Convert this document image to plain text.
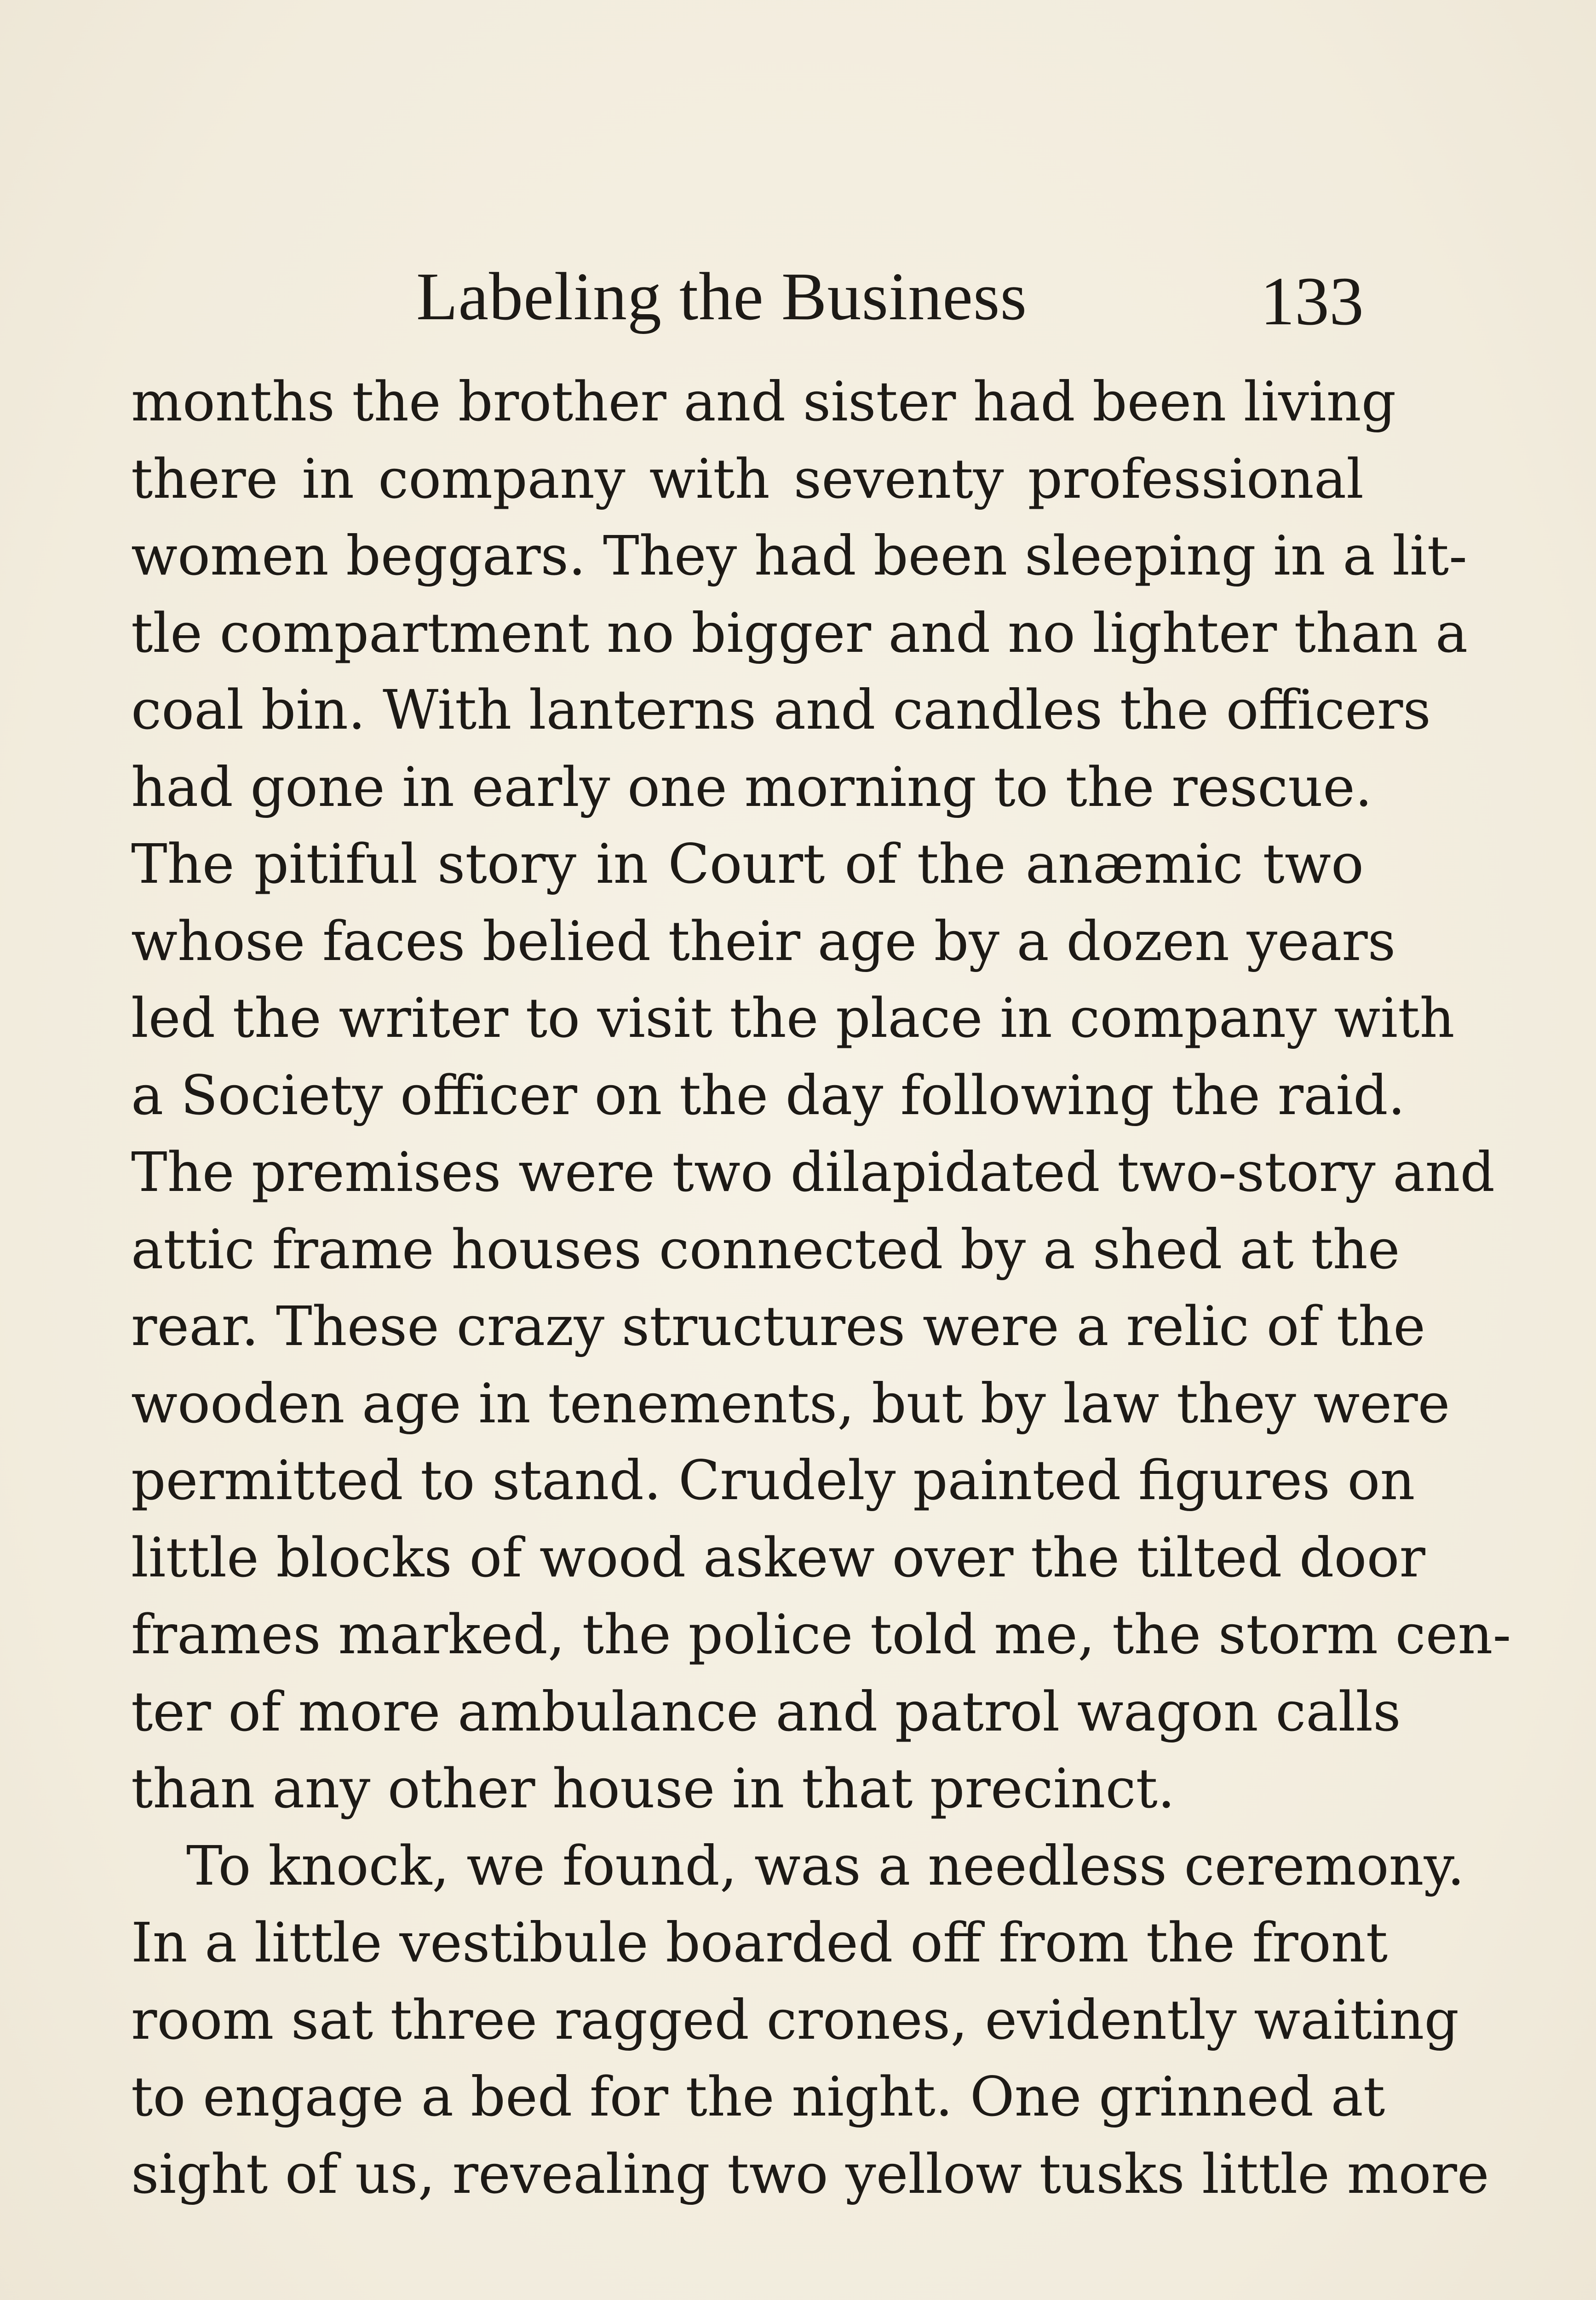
Labeling the Business	133
months the brother and sister had been living
there in company with seventy professional
women beggars. They had been sleeping in a lit-
tle compartment no bigger and no lighter than a
coal bin. With lanterns and candles the officers
had gone in early one morning to the rescue.
The pitiful story in Court of the anæmic two
whose faces belied their age by a dozen years
led the writer to visit the place in company with
a Society officer on the day following the raid.
The premises were two dilapidated two-story and
attic frame houses connected by a shed at the
rear. These crazy structures were a relic of the
wooden age in tenements, but by law they were
permitted to stand. Crudely painted figures on
little blocks of wood askew over the tilted door
frames marked, the police told me, the storm cen-
ter of more ambulance and patrol wagon calls
than any other house in that precinct.
To knock, we found, was a needless ceremony.
In a little vestibule boarded off from the front
room sat three ragged crones, evidently waiting
to engage a bed for the night. One grinned at
sight of us, revealing two yellow tusks little more
